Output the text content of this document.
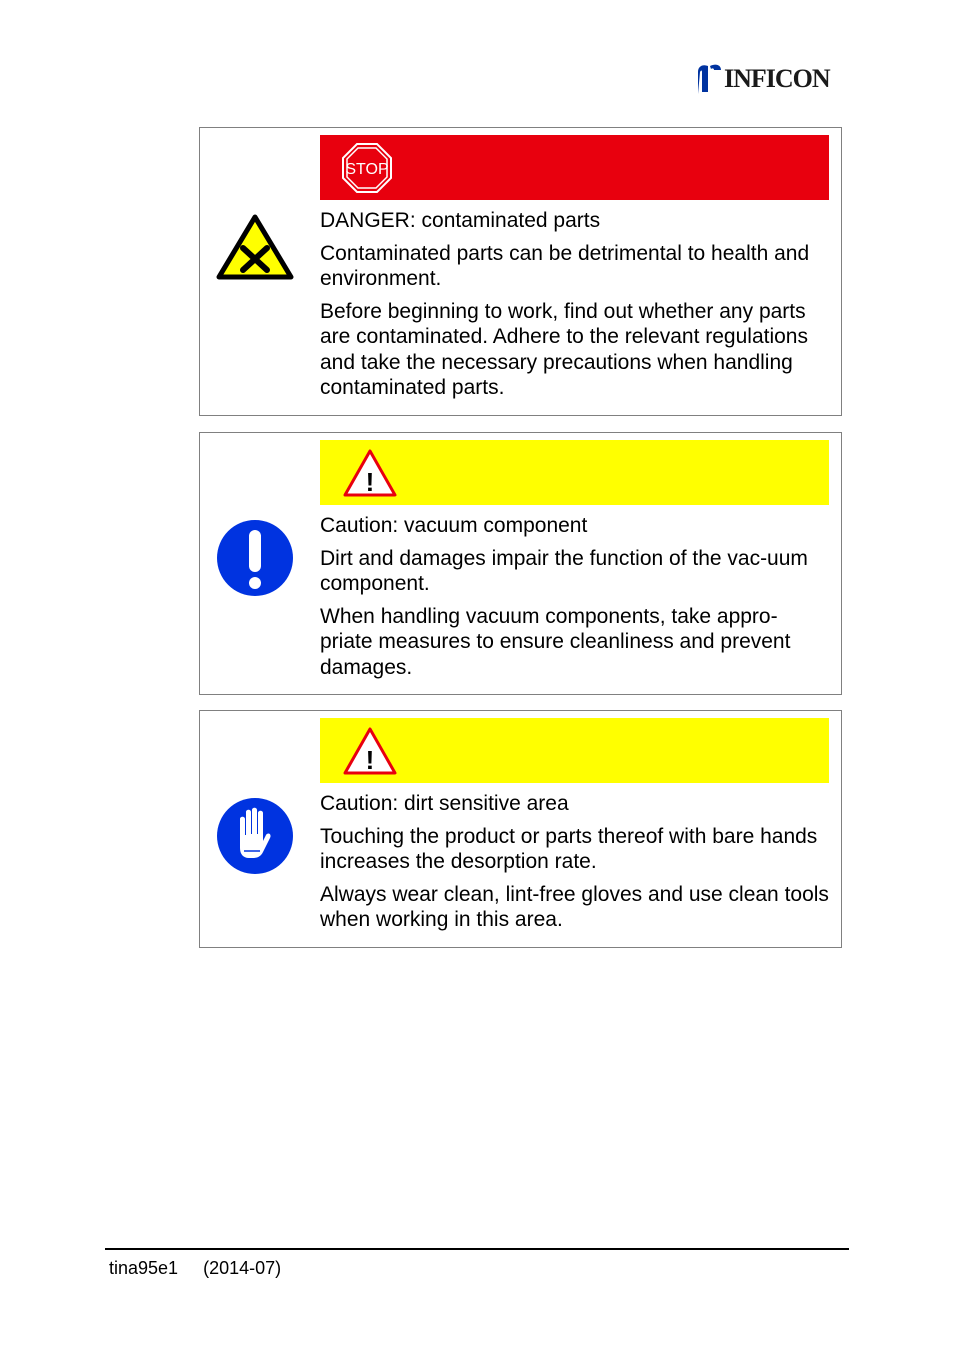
INFICON
STOP

DANGER: contaminated parts

Contaminated parts can be detrimental to health and environment.

Before beginning to work, find out whether any parts are contaminated. Adhere to the relevant regulations and take the necessary precautions when handling contaminated parts.

!

Caution: vacuum component

Dirt and damages impair the function of the vac-uum component.

When handling vacuum components, take appro-priate measures to ensure cleanliness and prevent damages.

!

Caution: dirt sensitive area

Touching the product or parts thereof with bare hands increases the desorption rate.

Always wear clean, lint-free gloves and use clean tools when working in this area.

tina95e1 (2014-07)
